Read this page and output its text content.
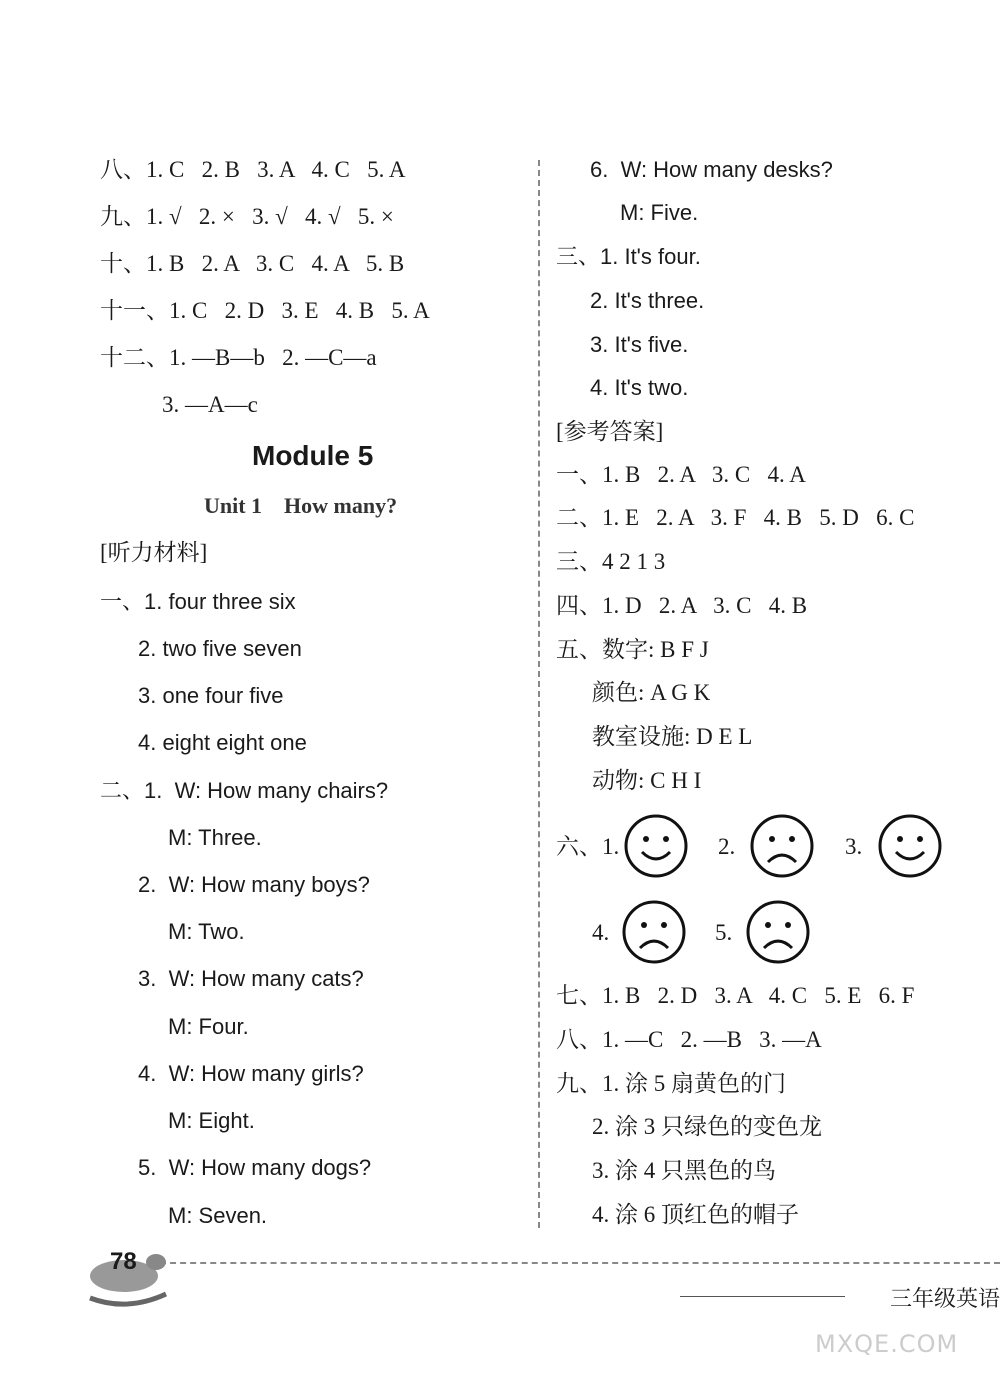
八、1. C   2. B   3. A   4. C   5. A
九、1. √   2. ×   3. √   4. √   5. ×
十、1. B   2. A   3. C   4. A   5. B
十一、1. C   2. D   3. E   4. B   5. A
十二、1. —B—b   2. —C—a
3. —A—c
Module 5
Unit 1    How many?
[听力材料]
一、1. four three six
2. two five seven
3. one four five
4. eight eight one
二、1.  W: How many chairs?
M: Three.
2.  W: How many boys?
M: Two.
3.  W: How many cats?
M: Four.
4.  W: How many girls?
M: Eight.
5.  W: How many dogs?
M: Seven.
6.  W: How many desks?
M: Five.
三、1. It's four.
2. It's three.
3. It's five.
4. It's two.
[参考答案]
一、1. B   2. A   3. C   4. A
二、1. E   2. A   3. F   4. B   5. D   6. C
三、4 2 1 3
四、1. D   2. A   3. C   4. B
五、数字: B F J
颜色: A G K
教室设施: D E L
动物: C H I
六、1.	2.	3.
4.	5.
七、1. B   2. D   3. A   4. C   5. E   6. F
八、1. —C   2. —B   3. —A
九、1. 涂 5 扇黄色的门
2. 涂 3 只绿色的变色龙
3. 涂 4 只黑色的鸟
4. 涂 6 顶红色的帽子
78
三年级英语
MXQE.COM
